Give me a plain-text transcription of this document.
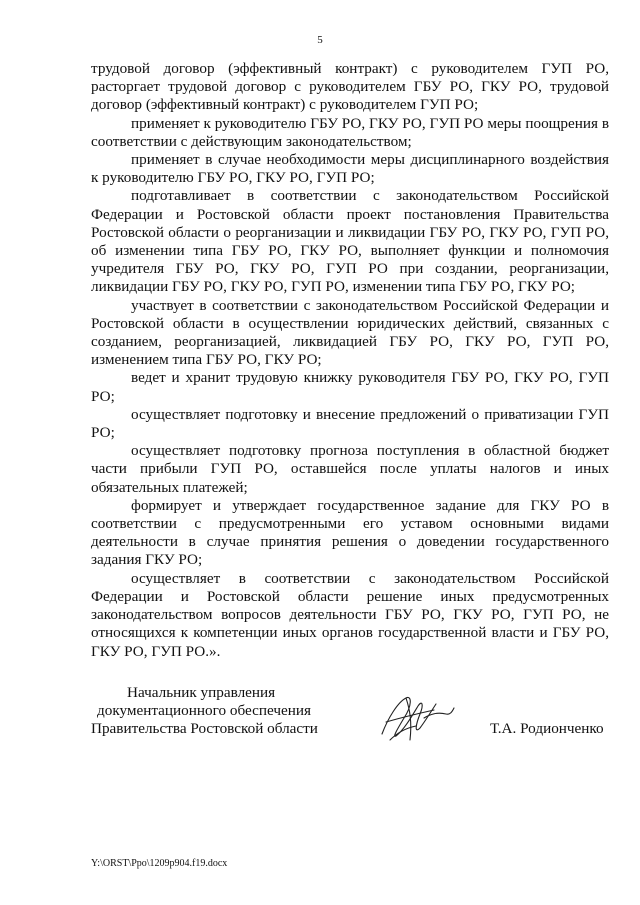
5

трудовой договор (эффективный контракт) с руководителем ГУП РО, расторгает трудовой договор с руководителем ГБУ РО, ГКУ РО, трудовой договор (эффективный контракт) с руководителем ГУП РО;

применяет к руководителю ГБУ РО, ГКУ РО, ГУП РО меры поощрения в соответствии с действующим законодательством;

применяет в случае необходимости меры дисциплинарного воздействия к руководителю ГБУ РО, ГКУ РО, ГУП РО;

подготавливает в соответствии с законодательством Российской Федерации и Ростовской области проект постановления Правительства Ростовской области о реорганизации и ликвидации ГБУ РО, ГКУ РО, ГУП РО, об изменении типа ГБУ РО, ГКУ РО, выполняет функции и полномочия учредителя ГБУ РО, ГКУ РО, ГУП РО при создании, реорганизации, ликвидации ГБУ РО, ГКУ РО, ГУП РО, изменении типа ГБУ РО, ГКУ РО;

участвует в соответствии с законодательством Российской Федерации и Ростовской области в осуществлении юридических действий, связанных с созданием, реорганизацией, ликвидацией ГБУ РО, ГКУ РО, ГУП РО, изменением типа ГБУ РО, ГКУ РО;

ведет и хранит трудовую книжку руководителя ГБУ РО, ГКУ РО, ГУП РО;

осуществляет подготовку и внесение предложений о приватизации ГУП РО;

осуществляет подготовку прогноза поступления в областной бюджет части прибыли ГУП РО, оставшейся после уплаты налогов и иных обязательных платежей;

формирует и утверждает государственное задание для ГКУ РО в соответствии с предусмотренными его уставом основными видами деятельности в случае принятия решения о доведении государственного задания ГКУ РО;

осуществляет в соответствии с законодательством Российской Федерации и Ростовской области решение иных предусмотренных законодательством вопросов деятельности ГБУ РО, ГКУ РО, ГУП РО, не относящихся к компетенции иных органов государственной власти и ГБУ РО, ГКУ РО, ГУП РО.».

Начальник управления
документационного обеспечения
Правительства Ростовской области	Т.А. Родионченко
Y:\ORST\Ppo\1209p904.f19.docx
